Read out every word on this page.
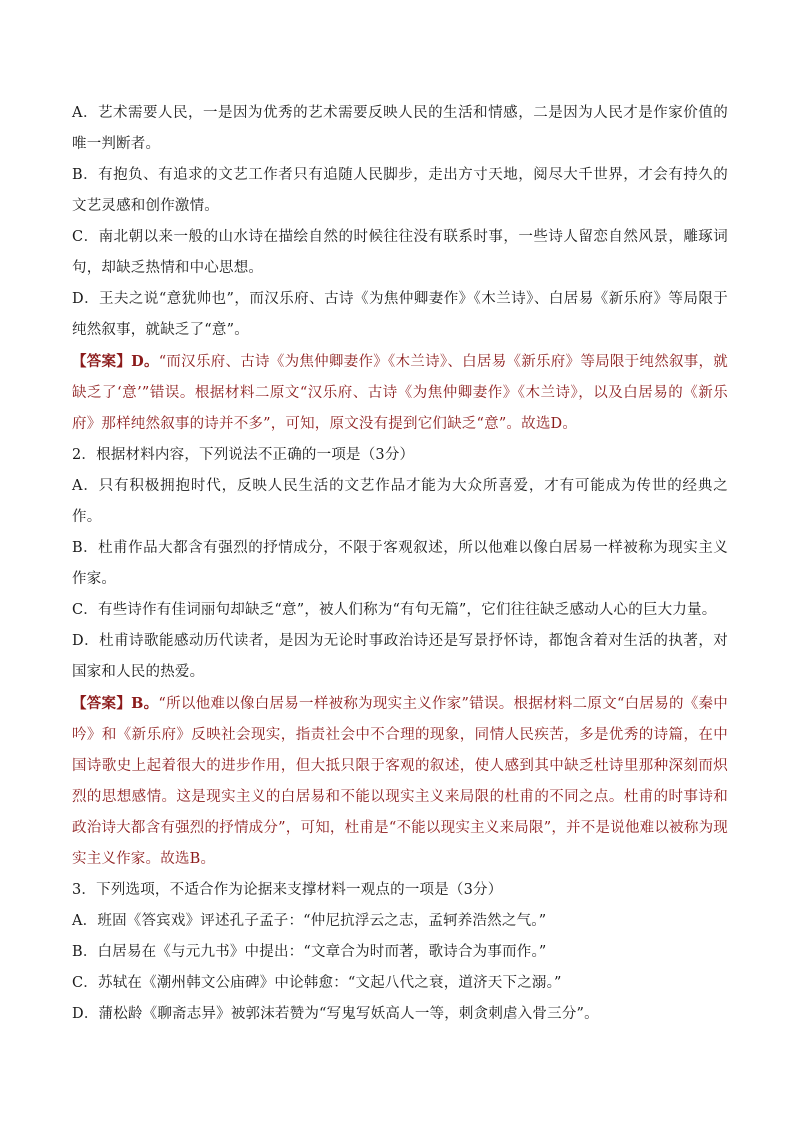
A．艺术需要人民，一是因为优秀的艺术需要反映人民的生活和情感，二是因为人民才是作家价值的唯一判断者。

B．有抱负、有追求的文艺工作者只有追随人民脚步，走出方寸天地，阅尽大千世界，才会有持久的文艺灵感和创作激情。

C．南北朝以来一般的山水诗在描绘自然的时候往往没有联系时事，一些诗人留恋自然风景，雕琢词句，却缺乏热情和中心思想。

D．王夫之说“意犹帅也”，而汉乐府、古诗《为焦仲卿妻作》《木兰诗》、白居易《新乐府》等局限于纯然叙事，就缺乏了“意”。

【答案】D。“而汉乐府、古诗《为焦仲卿妻作》《木兰诗》、白居易《新乐府》等局限于纯然叙事，就缺乏了‘意’”错误。根据材料二原文“汉乐府、古诗《为焦仲卿妻作》《木兰诗》，以及白居易的《新乐府》那样纯然叙事的诗并不多”，可知，原文没有提到它们缺乏“意”。故选D。

2．根据材料内容，下列说法不正确的一项是（3分）

A．只有积极拥抱时代，反映人民生活的文艺作品才能为大众所喜爱，才有可能成为传世的经典之作。

B．杜甫作品大都含有强烈的抒情成分，不限于客观叙述，所以他难以像白居易一样被称为现实主义作家。

C．有些诗作有佳词丽句却缺乏“意”，被人们称为“有句无篇”，它们往往缺乏感动人心的巨大力量。

D．杜甫诗歌能感动历代读者，是因为无论时事政治诗还是写景抒怀诗，都饱含着对生活的执著，对国家和人民的热爱。

【答案】B。“所以他难以像白居易一样被称为现实主义作家”错误。根据材料二原文“白居易的《秦中吟》和《新乐府》反映社会现实，指责社会中不合理的现象，同情人民疾苦，多是优秀的诗篇，在中国诗歌史上起着很大的进步作用，但大抵只限于客观的叙述，使人感到其中缺乏杜诗里那种深刻而炽烈的思想感情。这是现实主义的白居易和不能以现实主义来局限的杜甫的不同之点。杜甫的时事诗和政治诗大都含有强烈的抒情成分”，可知，杜甫是“不能以现实主义来局限”，并不是说他难以被称为现实主义作家。故选B。

3．下列选项，不适合作为论据来支撑材料一观点的一项是（3分）

A．班固《答宾戏》评述孔子孟子：“仲尼抗浮云之志，孟轲养浩然之气。”

B．白居易在《与元九书》中提出：“文章合为时而著，歌诗合为事而作。”

C．苏轼在《潮州韩文公庙碑》中论韩愈：“文起八代之衰，道济天下之溺。”

D．蒲松龄《聊斋志异》被郭沫若赞为“写鬼写妖高人一等，刺贪刺虐入骨三分”。
